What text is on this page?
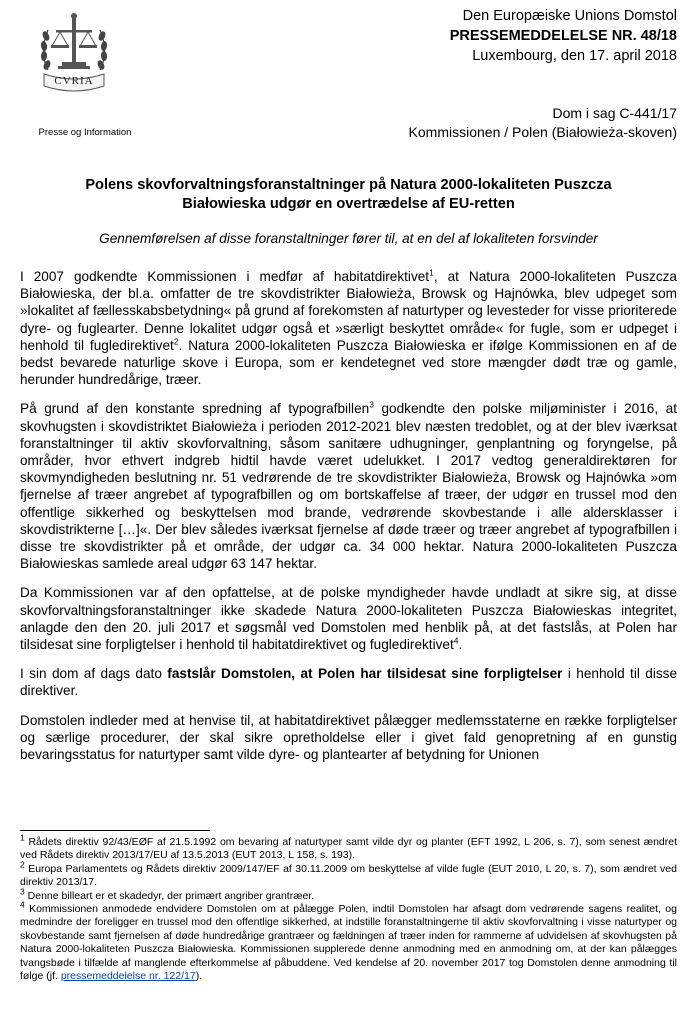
CVRIA
Presse og Information
Den Europæiske Unions Domstol
PRESSEMEDDELELSE NR. 48/18
Luxembourg, den 17. april 2018
Dom i sag C-441/17
Kommissionen / Polen (Białowieża-skoven)
Polens skovforvaltningsforanstaltninger på Natura 2000-lokaliteten Puszcza
Białowieska udgør en overtrædelse af EU-retten
Gennemførelsen af disse foranstaltninger fører til, at en del af lokaliteten forsvinder

I 2007 godkendte Kommissionen i medfør af habitatdirektivet$^1$, at Natura 2000-lokaliteten Puszcza Białowieska, der bl.a. omfatter de tre skovdistrikter Białowieża, Browsk og Hajnówka, blev udpeget som »lokalitet af fællesskabsbetydning« på grund af forekomsten af naturtyper og levesteder for visse prioriterede dyre- og fuglearter. Denne lokalitet udgør også et »særligt beskyttet område« for fugle, som er udpeget i henhold til fugledirektivet$^2$. Natura 2000-lokaliteten Puszcza Białowieska er ifølge Kommissionen en af de bedst bevarede naturlige skove i Europa, som er kendetegnet ved store mængder dødt træ og gamle, herunder hundredårige, træer.

På grund af den konstante spredning af typografbillen$^3$ godkendte den polske miljøminister i 2016, at skovhugsten i skovdistriktet Białowieża i perioden 2012-2021 blev næsten tredoblet, og at der blev iværksat foranstaltninger til aktiv skovforvaltning, såsom sanitære udhugninger, genplantning og foryngelse, på områder, hvor ethvert indgreb hidtil havde været udelukket. I 2017 vedtog generaldirektøren for skovmyndigheden beslutning nr. 51 vedrørende de tre skovdistrikter Białowieża, Browsk og Hajnówka »om fjernelse af træer angrebet af typografbillen og om bortskaffelse af træer, der udgør en trussel mod den offentlige sikkerhed og beskyttelsen mod brande, vedrørende skovbestande i alle aldersklasser i skovdistrikterne […]«. Der blev således iværksat fjernelse af døde træer og træer angrebet af typografbillen i disse tre skovdistrikter på et område, der udgør ca. 34 000 hektar. Natura 2000-lokaliteten Puszcza Białowieskas samlede areal udgør 63 147 hektar.

Da Kommissionen var af den opfattelse, at de polske myndigheder havde undladt at sikre sig, at disse skovforvaltningsforanstaltninger ikke skadede Natura 2000-lokaliteten Puszcza Białowieskas integritet, anlagde den den 20. juli 2017 et søgsmål ved Domstolen med henblik på, at det fastslås, at Polen har tilsidesat sine forpligtelser i henhold til habitatdirektivet og fugledirektivet$^4$.

I sin dom af dags dato fastslår Domstolen, at Polen har tilsidesat sine forpligtelser i henhold til disse direktiver.

Domstolen indleder med at henvise til, at habitatdirektivet pålægger medlemsstaterne en række forpligtelser og særlige procedurer, der skal sikre opretholdelse eller i givet fald genopretning af en gunstig bevaringsstatus for naturtyper samt vilde dyre- og plantearter af betydning for Unionen

$^1$ Rådets direktiv 92/43/EØF af 21.5.1992 om bevaring af naturtyper samt vilde dyr og planter (EFT 1992, L 206, s. 7), som senest ændret ved Rådets direktiv 2013/17/EU af 13.5.2013 (EUT 2013, L 158, s. 193).
$^2$ Europa Parlamentets og Rådets direktiv 2009/147/EF af 30.11.2009 om beskyttelse af vilde fugle (EUT 2010, L 20, s. 7), som ændret ved direktiv 2013/17.
$^3$ Denne billeart er et skadedyr, der primært angriber grantræer.
$^4$ Kommissionen anmodede endvidere Domstolen om at pålægge Polen, indtil Domstolen har afsagt dom vedrørende sagens realitet, og medmindre der foreligger en trussel mod den offentlige sikkerhed, at indstille foranstaltningerne til aktiv skovforvaltning i visse naturtyper og skovbestande samt fjernelsen af døde hundredårige grantræer og fældningen af træer inden for rammerne af udvidelsen af skovhugsten på Natura 2000-lokaliteten Puszcza Białowieska. Kommissionen supplerede denne anmodning med en anmodning om, at der kan pålægges tvangsbøde i tilfælde af manglende efterkommelse af påbuddene. Ved kendelse af 20. november 2017 tog Domstolen denne anmodning til følge (jf. pressemeddelelse nr. 122/17).
